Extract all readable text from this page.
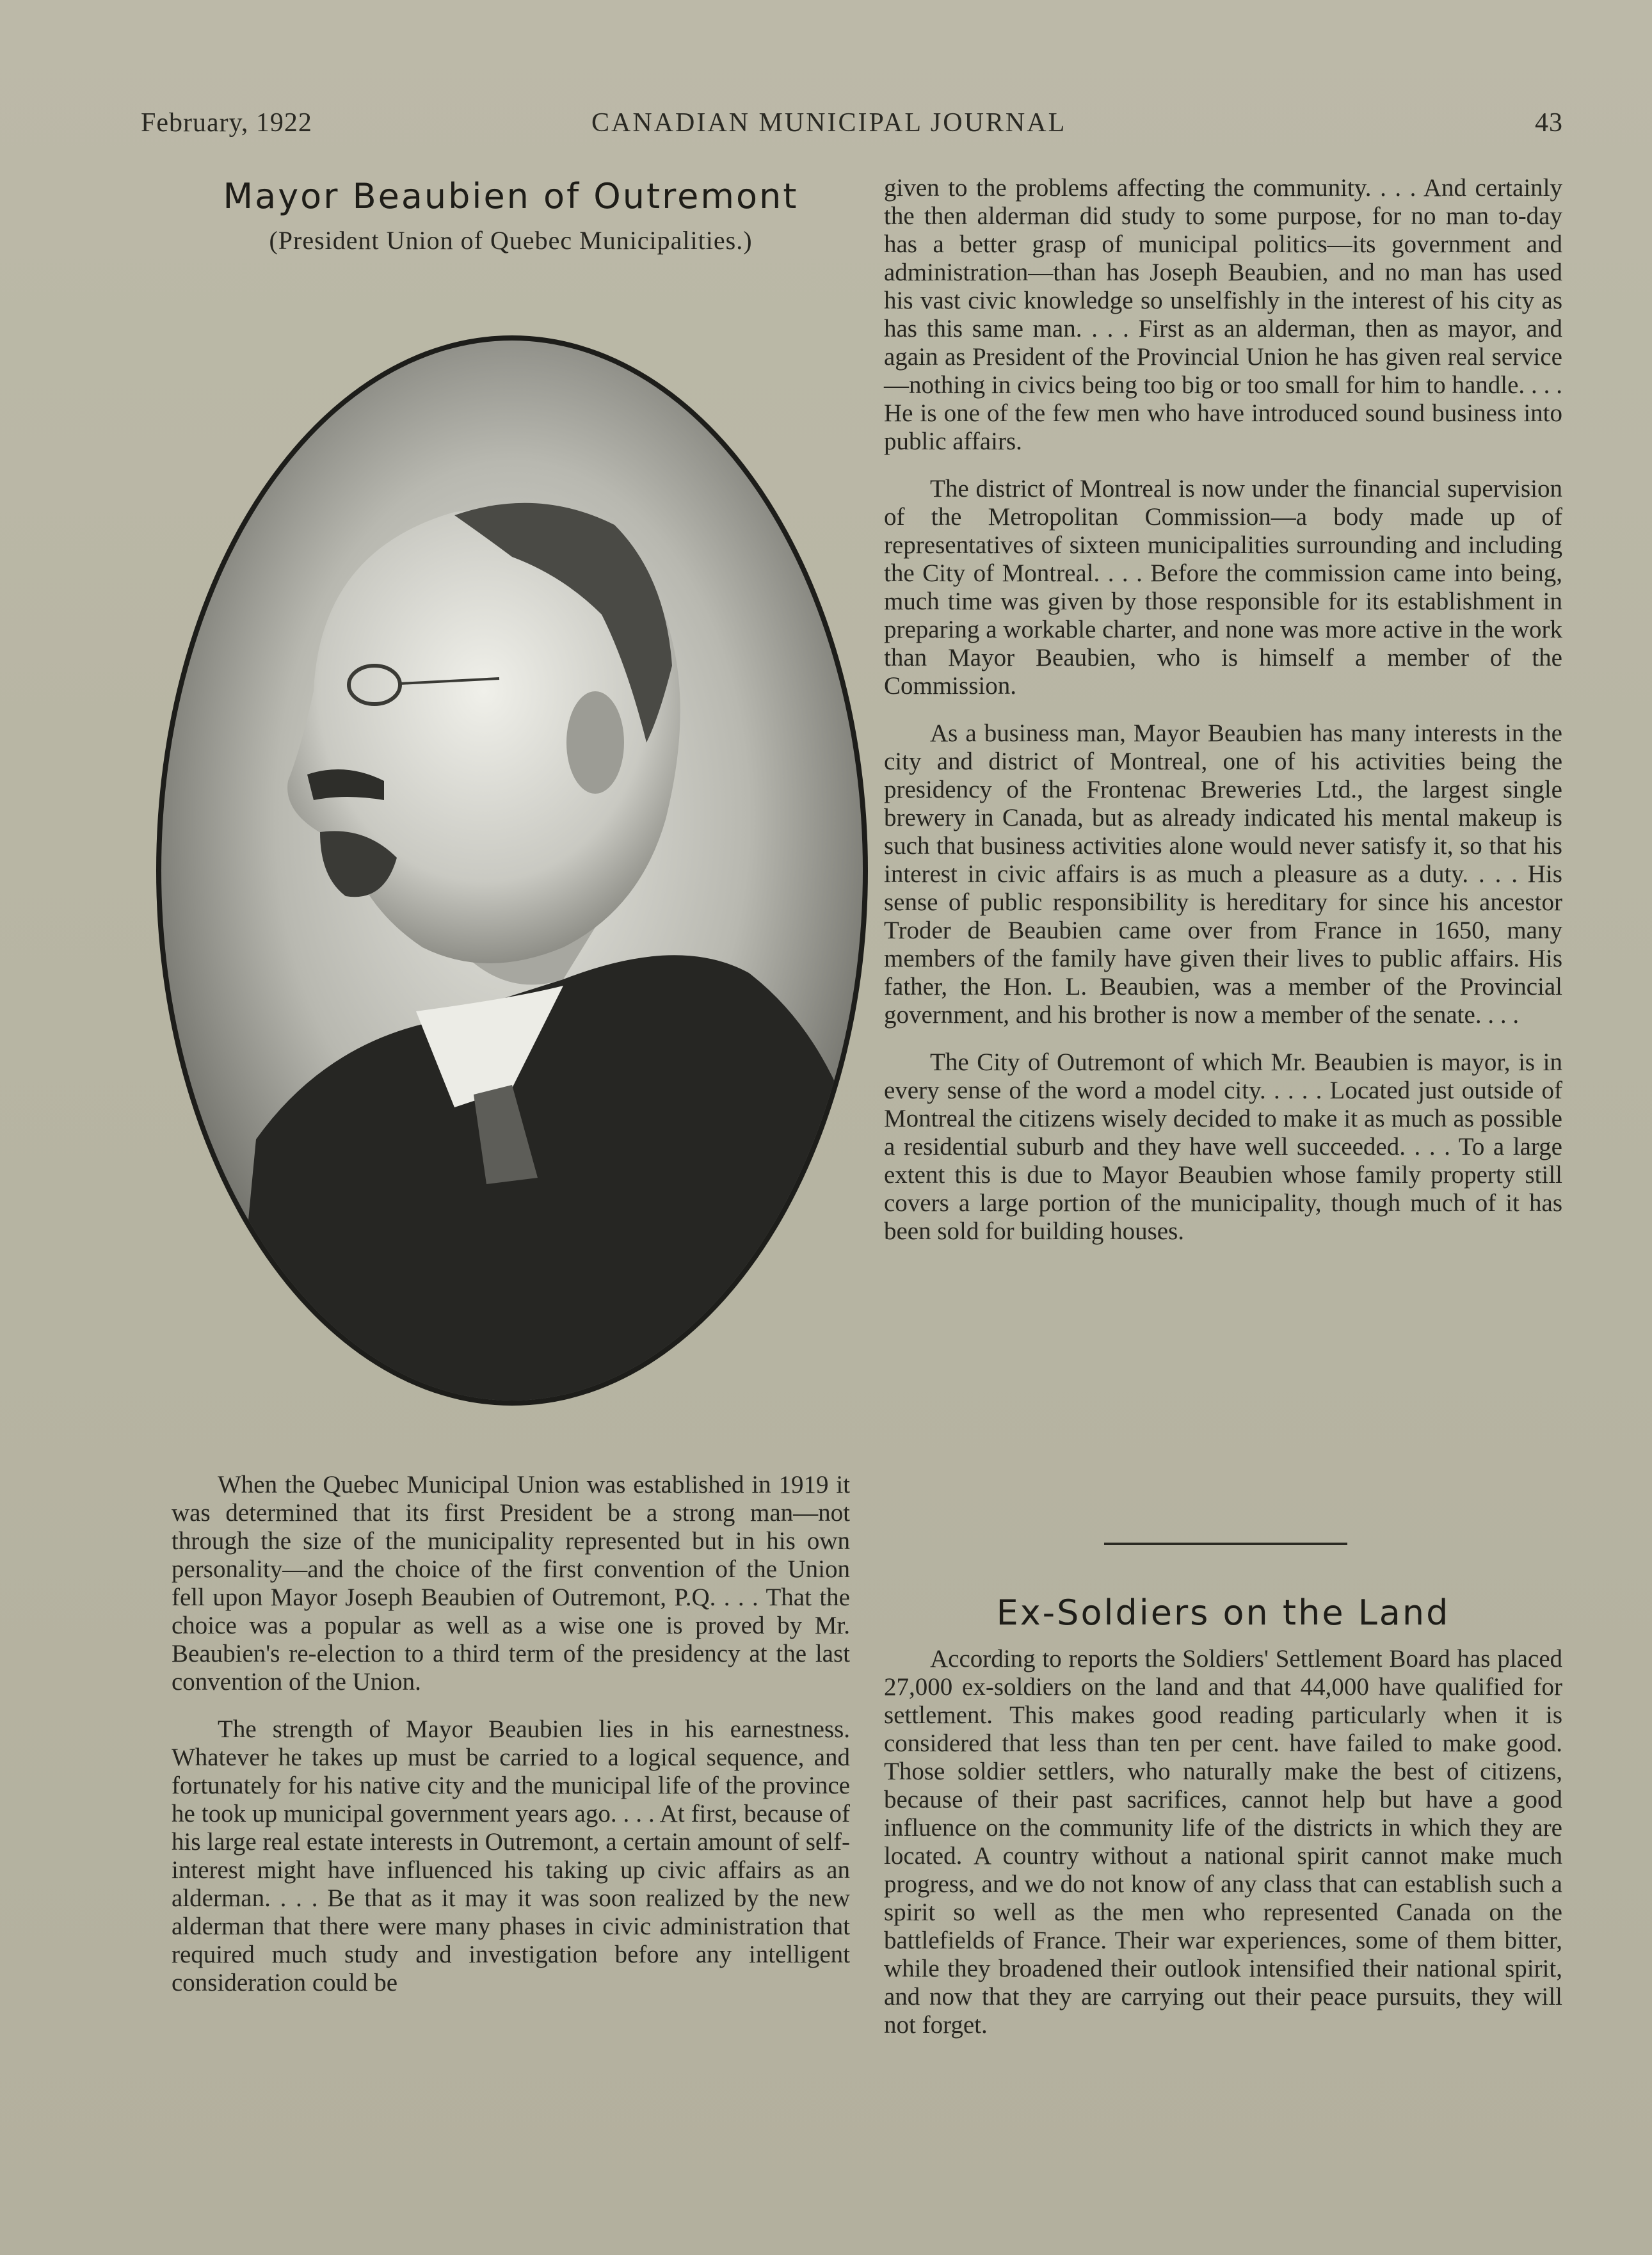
February, 1922	CANADIAN MUNICIPAL JOURNAL	43
Mayor Beaubien of Outremont
(President Union of Quebec Municipalities.)

When the Quebec Municipal Union was established in 1919 it was determined that its first President be a strong man—not through the size of the municipality represented but in his own personality—and the choice of the first convention of the Union fell upon Mayor Joseph Beaubien of Outremont, P.Q. . . . That the choice was a popular as well as a wise one is proved by Mr. Beaubien's re-election to a third term of the presidency at the last convention of the Union.

The strength of Mayor Beaubien lies in his earnestness. Whatever he takes up must be carried to a logical sequence, and fortunately for his native city and the municipal life of the province he took up municipal government years ago. . . . At first, because of his large real estate interests in Outremont, a certain amount of self-interest might have influenced his taking up civic affairs as an alderman. . . . Be that as it may it was soon realized by the new alderman that there were many phases in civic administration that required much study and investigation before any intelligent consideration could be

given to the problems affecting the community. . . . And certainly the then alderman did study to some purpose, for no man to-day has a better grasp of municipal politics—its government and administration—than has Joseph Beaubien, and no man has used his vast civic knowledge so unselfishly in the interest of his city as has this same man. . . . First as an alderman, then as mayor, and again as President of the Provincial Union he has given real service—nothing in civics being too big or too small for him to handle. . . . He is one of the few men who have introduced sound business into public affairs.

The district of Montreal is now under the financial supervision of the Metropolitan Commission—a body made up of representatives of sixteen municipalities surrounding and including the City of Montreal. . . . Before the commission came into being, much time was given by those responsible for its establishment in preparing a workable charter, and none was more active in the work than Mayor Beaubien, who is himself a member of the Commission.

As a business man, Mayor Beaubien has many interests in the city and district of Montreal, one of his activities being the presidency of the Frontenac Breweries Ltd., the largest single brewery in Canada, but as already indicated his mental makeup is such that business activities alone would never satisfy it, so that his interest in civic affairs is as much a pleasure as a duty. . . . His sense of public responsibility is hereditary for since his ancestor Troder de Beaubien came over from France in 1650, many members of the family have given their lives to public affairs. His father, the Hon. L. Beaubien, was a member of the Provincial government, and his brother is now a member of the senate. . . .

The City of Outremont of which Mr. Beaubien is mayor, is in every sense of the word a model city. . . . . Located just outside of Montreal the citizens wisely decided to make it as much as possible a residential suburb and they have well succeeded. . . . To a large extent this is due to Mayor Beaubien whose family property still covers a large portion of the municipality, though much of it has been sold for building houses.

Ex-Soldiers on the Land

According to reports the Soldiers' Settlement Board has placed 27,000 ex-soldiers on the land and that 44,000 have qualified for settlement. This makes good reading particularly when it is considered that less than ten per cent. have failed to make good. Those soldier settlers, who naturally make the best of citizens, because of their past sacrifices, cannot help but have a good influence on the community life of the districts in which they are located. A country without a national spirit cannot make much progress, and we do not know of any class that can establish such a spirit so well as the men who represented Canada on the battlefields of France. Their war experiences, some of them bitter, while they broadened their outlook intensified their national spirit, and now that they are carrying out their peace pursuits, they will not forget.
